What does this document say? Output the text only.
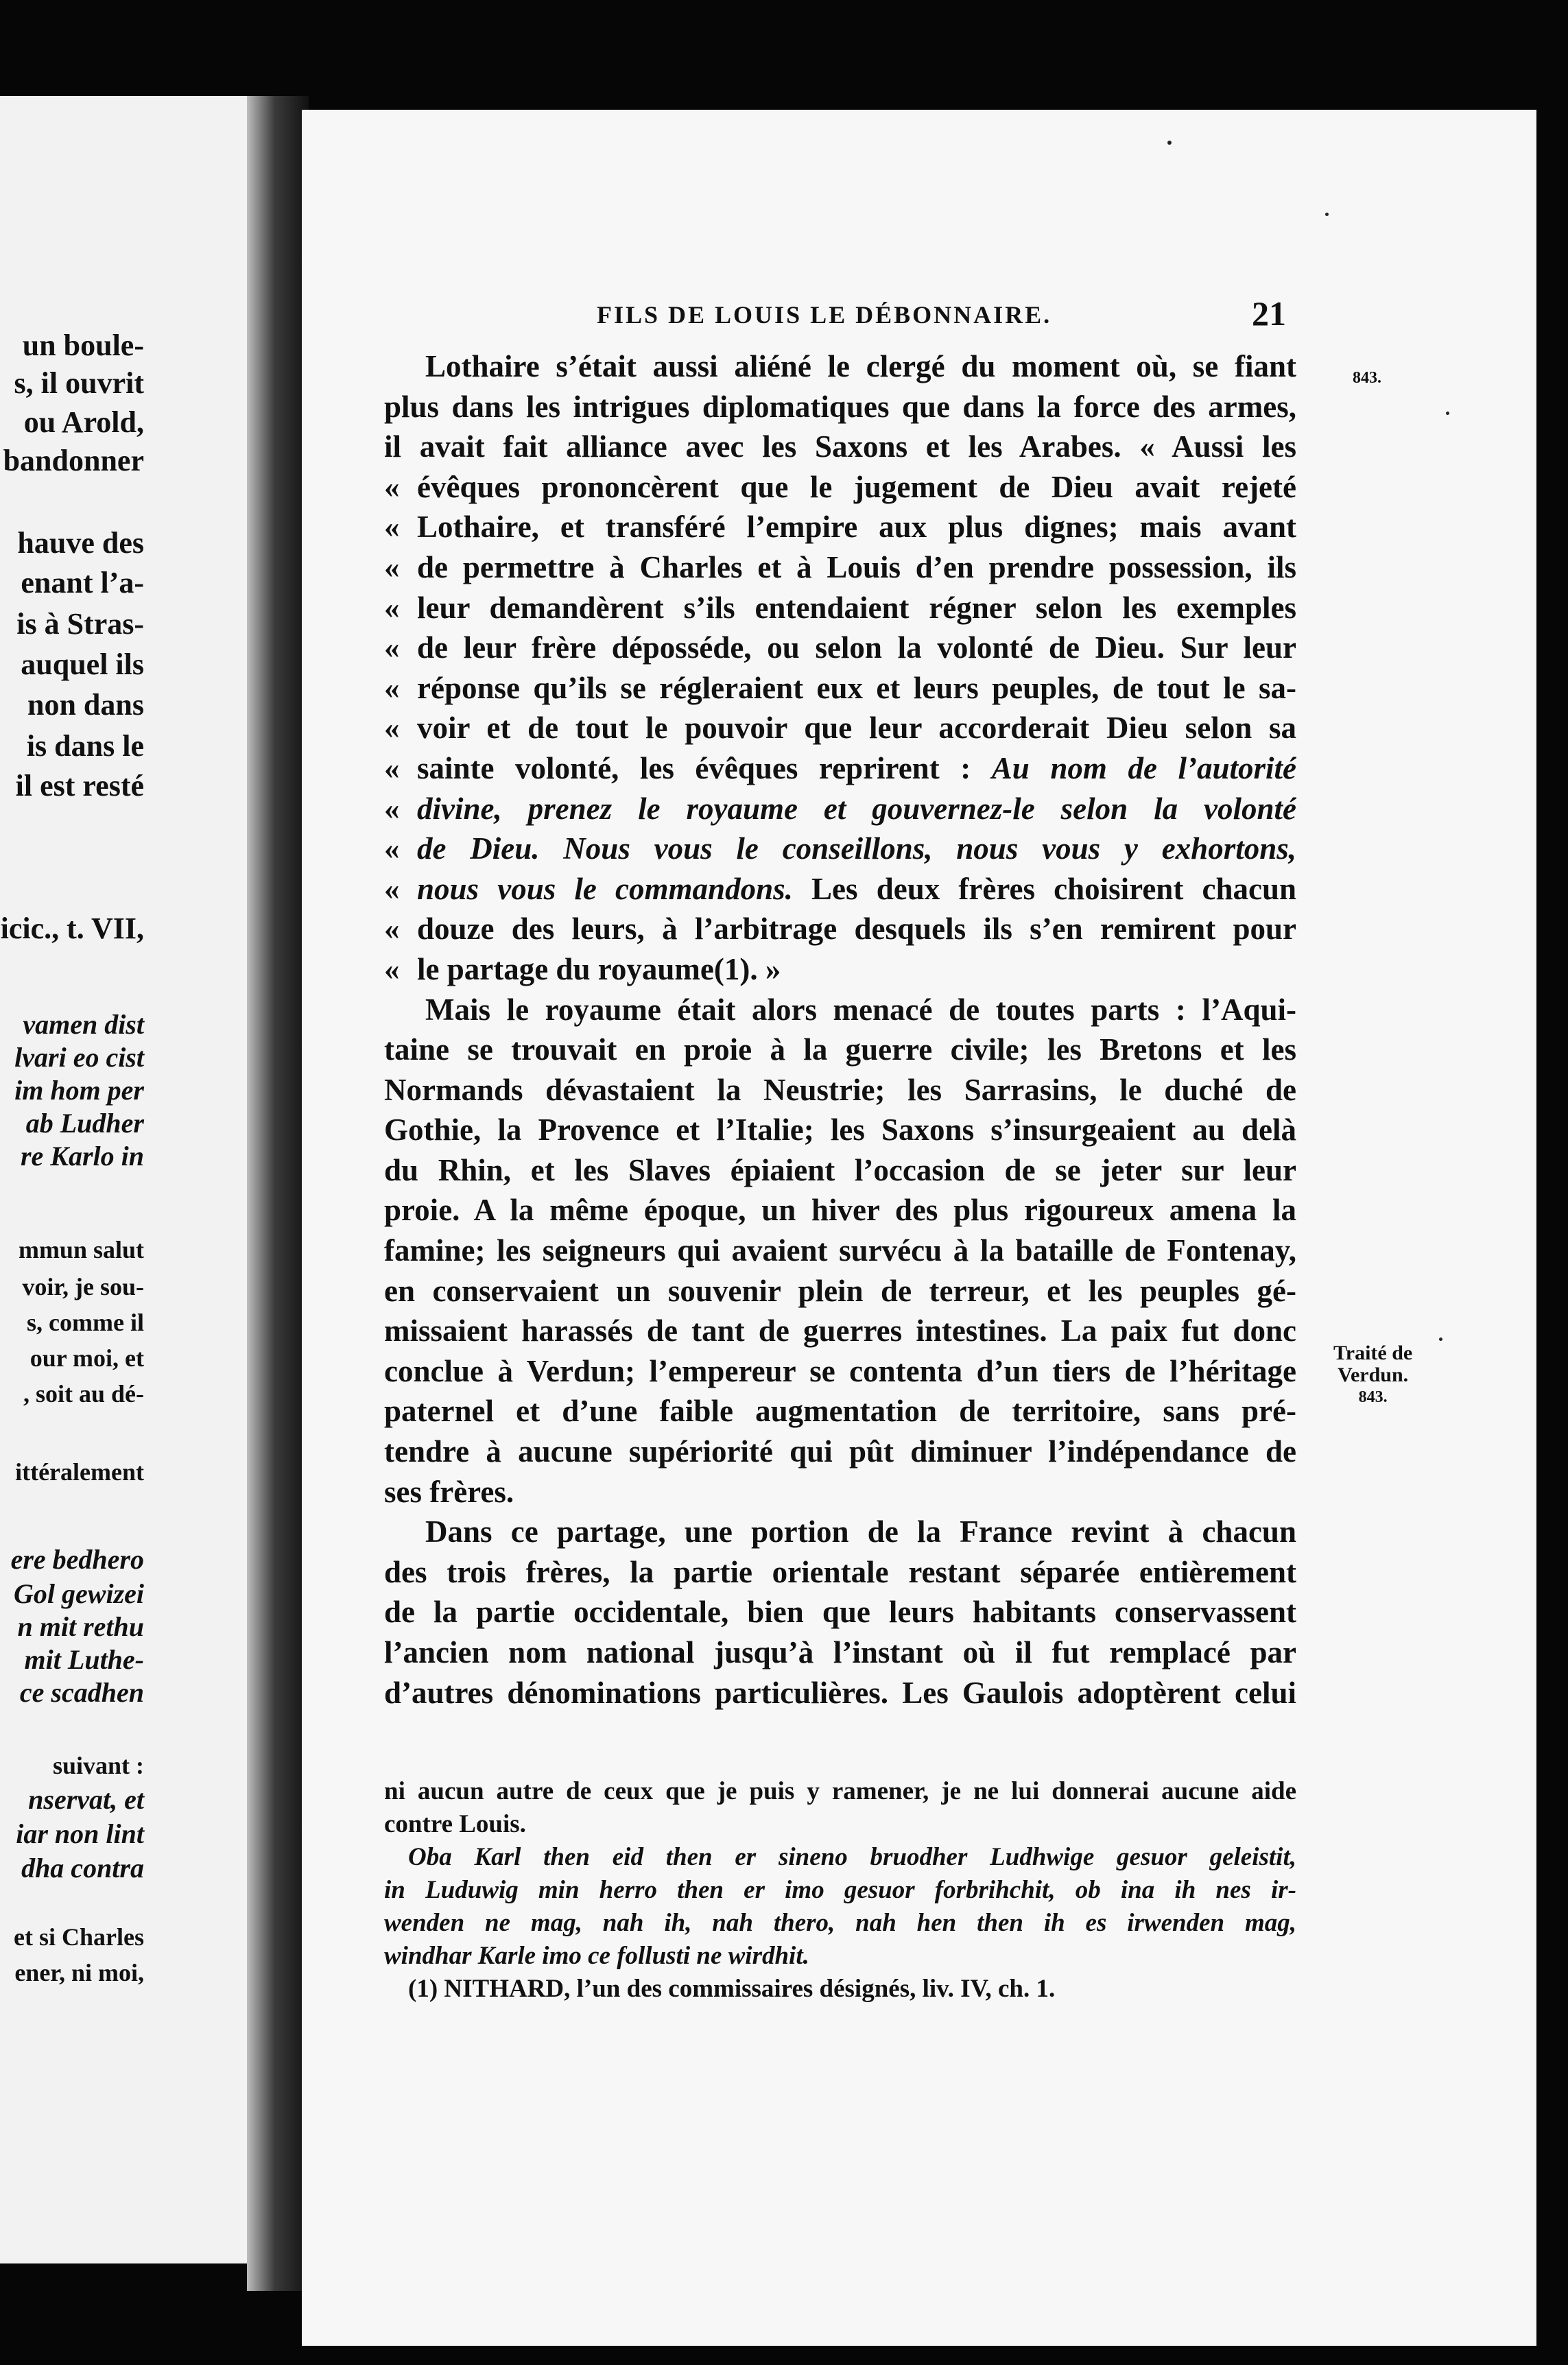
un boule-
s, il ouvrit
ou Arold,
bandonner
hauve des
enant l’a-
is à Stras-
auquel ils
non dans
is dans le
il est resté
icic., t. VII,
vamen dist
lvari eo cist
im hom per
ab Ludher
re Karlo in
mmun salut
voir, je sou-
s, comme il
our moi, et
, soit au dé-
ittéralement
ere bedhero
Gol gewizei
n mit rethu
mit Luthe-
ce scadhen
suivant :
nservat, et
iar non lint
dha contra
et si Charles
ener, ni moi,
FILS DE LOUIS LE DÉBONNAIRE.	21
843.
Traité de
Verdun.
843.
Lothaire s’était aussi aliéné le clergé du moment où, se fiant
plus dans les intrigues diplomatiques que dans la force des armes,
il avait fait alliance avec les Saxons et les Arabes. « Aussi les
« évêques prononcèrent que le jugement de Dieu avait rejeté
« Lothaire, et transféré l’empire aux plus dignes; mais avant
« de permettre à Charles et à Louis d’en prendre possession, ils
« leur demandèrent s’ils entendaient régner selon les exemples
« de leur frère déposséde, ou selon la volonté de Dieu. Sur leur
« réponse qu’ils se régleraient eux et leurs peuples, de tout le sa-
« voir et de tout le pouvoir que leur accorderait Dieu selon sa
« sainte volonté, les évêques reprirent : Au nom de l’autorité
« divine, prenez le royaume et gouvernez-le selon la volonté
« de Dieu. Nous vous le conseillons, nous vous y exhortons,
« nous vous le commandons. Les deux frères choisirent chacun
« douze des leurs, à l’arbitrage desquels ils s’en remirent pour
« le partage du royaume(1). »
Mais le royaume était alors menacé de toutes parts : l’Aqui-
taine se trouvait en proie à la guerre civile; les Bretons et les
Normands dévastaient la Neustrie; les Sarrasins, le duché de
Gothie, la Provence et l’Italie; les Saxons s’insurgeaient au delà
du Rhin, et les Slaves épiaient l’occasion de se jeter sur leur
proie. A la même époque, un hiver des plus rigoureux amena la
famine; les seigneurs qui avaient survécu à la bataille de Fontenay,
en conservaient un souvenir plein de terreur, et les peuples gé-
missaient harassés de tant de guerres intestines. La paix fut donc
conclue à Verdun; l’empereur se contenta d’un tiers de l’héritage
paternel et d’une faible augmentation de territoire, sans pré-
tendre à aucune supériorité qui pût diminuer l’indépendance de
ses frères.
Dans ce partage, une portion de la France revint à chacun
des trois frères, la partie orientale restant séparée entièrement
de la partie occidentale, bien que leurs habitants conservassent
l’ancien nom national jusqu’à l’instant où il fut remplacé par
d’autres dénominations particulières. Les Gaulois adoptèrent celui
ni aucun autre de ceux que je puis y ramener, je ne lui donnerai aucune aide
contre Louis.
Oba Karl then eid then er sineno bruodher Ludhwige gesuor geleistit,
in Luduwig min herro then er imo gesuor forbrihchit, ob ina ih nes ir-
wenden ne mag, nah ih, nah thero, nah hen then ih es irwenden mag,
windhar Karle imo ce follusti ne wirdhit.
(1) NITHARD, l’un des commissaires désignés, liv. IV, ch. 1.
